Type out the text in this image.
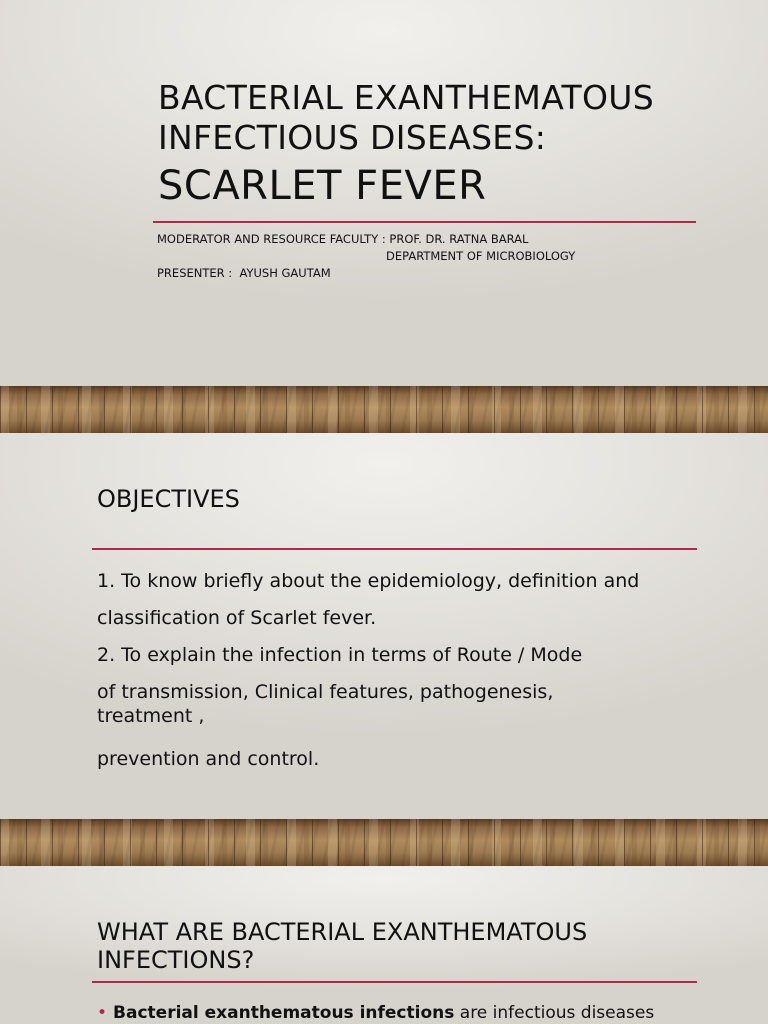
BACTERIAL EXANTHEMATOUS
INFECTIOUS DISEASES:
SCARLET FEVER
MODERATOR AND RESOURCE FACULTY : PROF. DR. RATNA BARAL
DEPARTMENT OF MICROBIOLOGY
PRESENTER :  AYUSH GAUTAM
OBJECTIVES
1. To know briefly about the epidemiology, definition and
classification of Scarlet fever.
2. To explain the infection in terms of Route / Mode
of transmission, Clinical features, pathogenesis, treatment ,
prevention and control.
WHAT ARE BACTERIAL EXANTHEMATOUS INFECTIONS?
• Bacterial exanthematous infections are infectious diseases
